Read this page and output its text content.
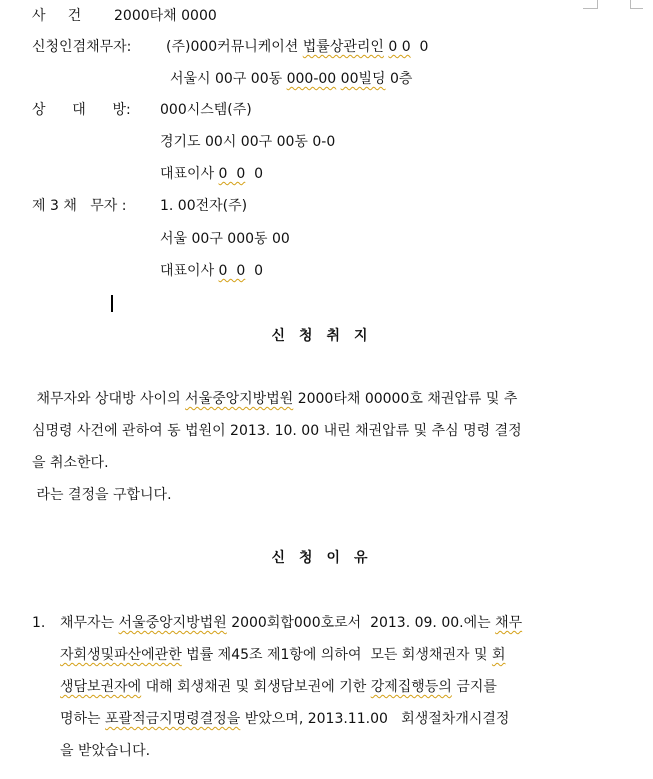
사     건 2000타채 0000
신청인겸채무자: (주)000커뮤니케이션 법률상관리인 0 0  0
서울시 00구 00동 000-00 00빌딩 0층
상      대      방: 000시스템(주)
경기도 00시 00구 00동 0-0
대표이사 0  0  0
제 3 채   무자 : 1. 00전자(주)
서울 00구 000동 00
대표이사 0  0  0
신청취지
채무자와 상대방 사이의 서울중앙지방법원 2000타채 00000호 채권압류 및 추
심명령 사건에 관하여 동 법원이 2013. 10. 00 내린 채권압류 및 추심 명령 결정
을 취소한다.
라는 결정을 구합니다.
신청이유
1. 채무자는 서울중앙지방법원 2000회합000호로서  2013. 09. 00.에는 채무
자회생및파산에관한 법률 제45조 제1항에 의하여  모든 회생채권자 및 회
생담보권자에 대해 회생채권 및 회생담보권에 기한 강제집행등의 금지를
명하는 포괄적금지명령결정을 받았으며, 2013.11.00   회생절차개시결정
을 받았습니다.
